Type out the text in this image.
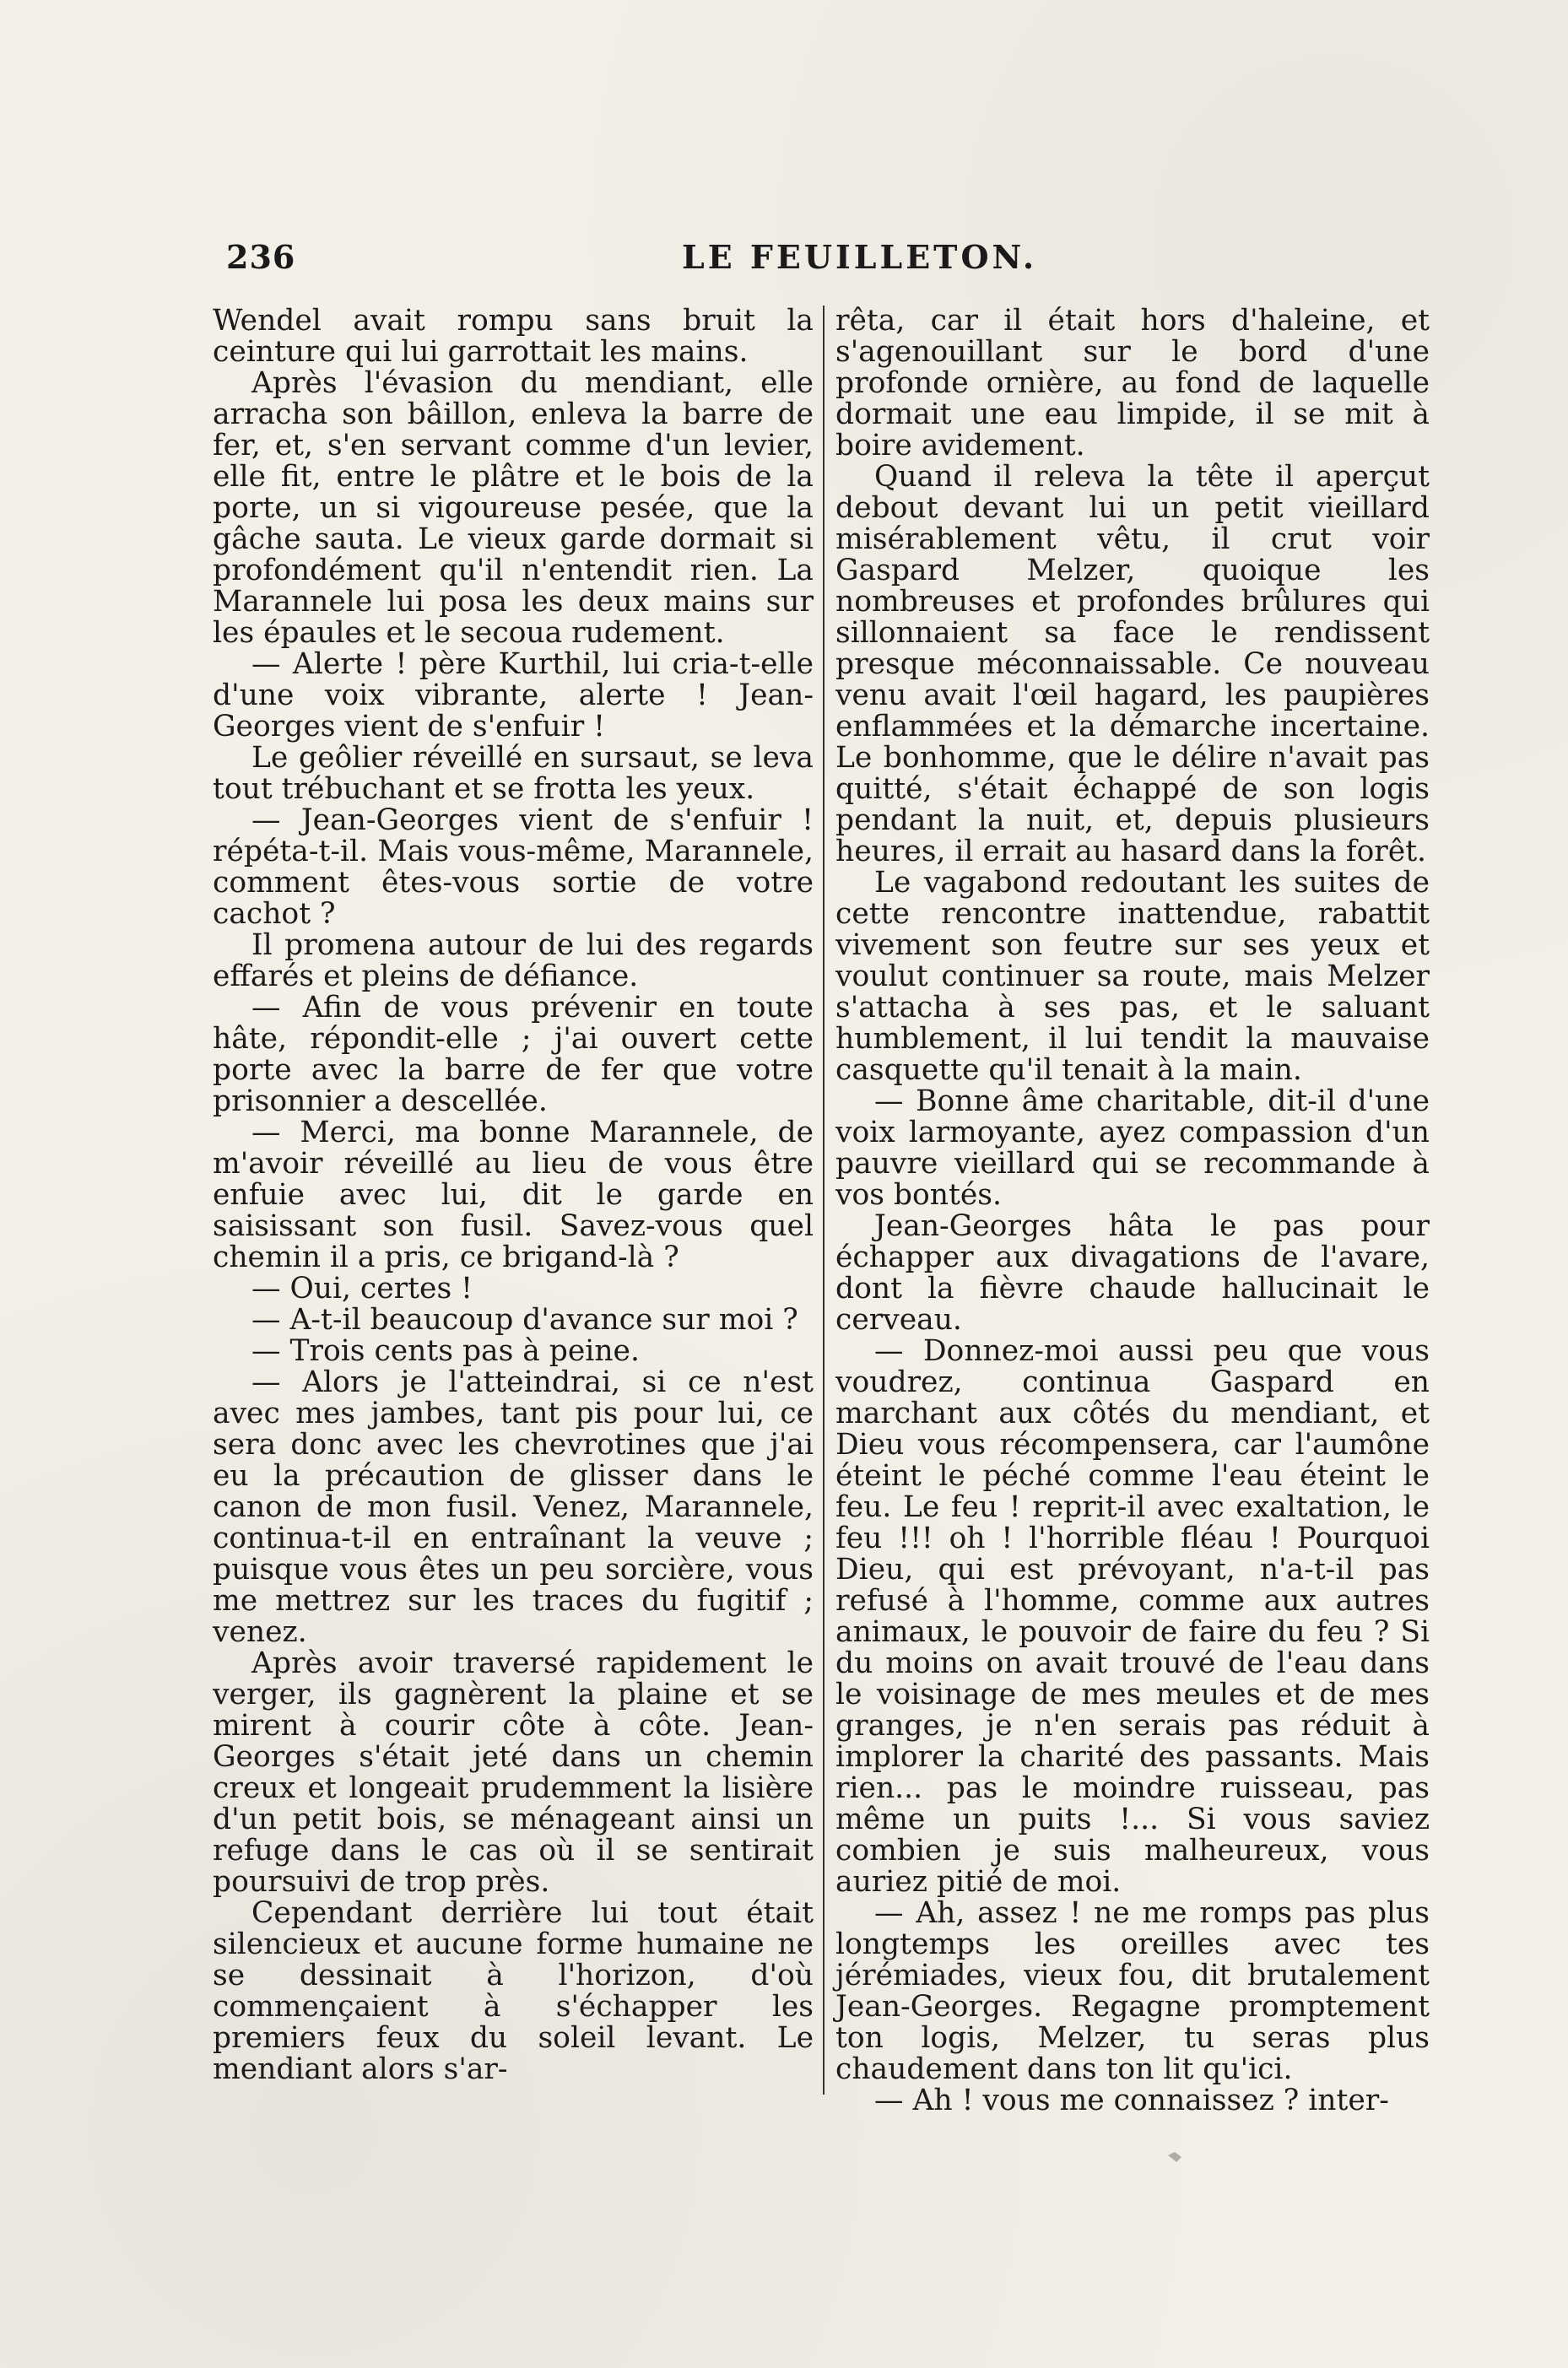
236	LE FEUILLETON.

Wendel avait rompu sans bruit la ceinture qui lui garrottait les mains.

Après l'évasion du mendiant, elle arracha son bâillon, enleva la barre de fer, et, s'en servant comme d'un levier, elle fit, entre le plâtre et le bois de la porte, un si vigoureuse pesée, que la gâche sauta. Le vieux garde dormait si profondément qu'il n'entendit rien. La Marannele lui posa les deux mains sur les épaules et le secoua rudement.

— Alerte ! père Kurthil, lui cria-t-elle d'une voix vibrante, alerte ! Jean-Georges vient de s'enfuir !

Le geôlier réveillé en sursaut, se leva tout trébuchant et se frotta les yeux.

— Jean-Georges vient de s'enfuir ! répéta-t-il. Mais vous-même, Marannele, comment êtes-vous sortie de votre cachot ?

Il promena autour de lui des regards effarés et pleins de défiance.

— Afin de vous prévenir en toute hâte, répondit-elle ; j'ai ouvert cette porte avec la barre de fer que votre prisonnier a descellée.

— Merci, ma bonne Marannele, de m'avoir réveillé au lieu de vous être enfuie avec lui, dit le garde en saisissant son fusil. Savez-vous quel chemin il a pris, ce brigand-là ?

— Oui, certes !

— A-t-il beaucoup d'avance sur moi ?

— Trois cents pas à peine.

— Alors je l'atteindrai, si ce n'est avec mes jambes, tant pis pour lui, ce sera donc avec les chevrotines que j'ai eu la précaution de glisser dans le canon de mon fusil. Venez, Marannele, continua-t-il en entraînant la veuve ; puisque vous êtes un peu sorcière, vous me mettrez sur les traces du fugitif ; venez.

Après avoir traversé rapidement le verger, ils gagnèrent la plaine et se mirent à courir côte à côte. Jean-Georges s'était jeté dans un chemin creux et longeait prudemment la lisière d'un petit bois, se ménageant ainsi un refuge dans le cas où il se sentirait poursuivi de trop près.

Cependant derrière lui tout était silencieux et aucune forme humaine ne se dessinait à l'horizon, d'où commençaient à s'échapper les premiers feux du soleil levant. Le mendiant alors s'ar-

rêta, car il était hors d'haleine, et s'agenouillant sur le bord d'une profonde ornière, au fond de laquelle dormait une eau limpide, il se mit à boire avidement.

Quand il releva la tête il aperçut debout devant lui un petit vieillard misérablement vêtu, il crut voir Gaspard Melzer, quoique les nombreuses et profondes brûlures qui sillonnaient sa face le rendissent presque méconnaissable. Ce nouveau venu avait l'œil hagard, les paupières enflammées et la démarche incertaine. Le bonhomme, que le délire n'avait pas quitté, s'était échappé de son logis pendant la nuit, et, depuis plusieurs heures, il errait au hasard dans la forêt.

Le vagabond redoutant les suites de cette rencontre inattendue, rabattit vivement son feutre sur ses yeux et voulut continuer sa route, mais Melzer s'attacha à ses pas, et le saluant humblement, il lui tendit la mauvaise casquette qu'il tenait à la main.

— Bonne âme charitable, dit-il d'une voix larmoyante, ayez compassion d'un pauvre vieillard qui se recommande à vos bontés.

Jean-Georges hâta le pas pour échapper aux divagations de l'avare, dont la fièvre chaude hallucinait le cerveau.

— Donnez-moi aussi peu que vous voudrez, continua Gaspard en marchant aux côtés du mendiant, et Dieu vous récompensera, car l'aumône éteint le péché comme l'eau éteint le feu. Le feu ! reprit-il avec exaltation, le feu !!! oh ! l'horrible fléau ! Pourquoi Dieu, qui est prévoyant, n'a-t-il pas refusé à l'homme, comme aux autres animaux, le pouvoir de faire du feu ? Si du moins on avait trouvé de l'eau dans le voisinage de mes meules et de mes granges, je n'en serais pas réduit à implorer la charité des passants. Mais rien... pas le moindre ruisseau, pas même un puits !... Si vous saviez combien je suis malheureux, vous auriez pitié de moi.

— Ah, assez ! ne me romps pas plus longtemps les oreilles avec tes jérémiades, vieux fou, dit brutalement Jean-Georges. Regagne promptement ton logis, Melzer, tu seras plus chaudement dans ton lit qu'ici.

— Ah ! vous me connaissez ? inter-
